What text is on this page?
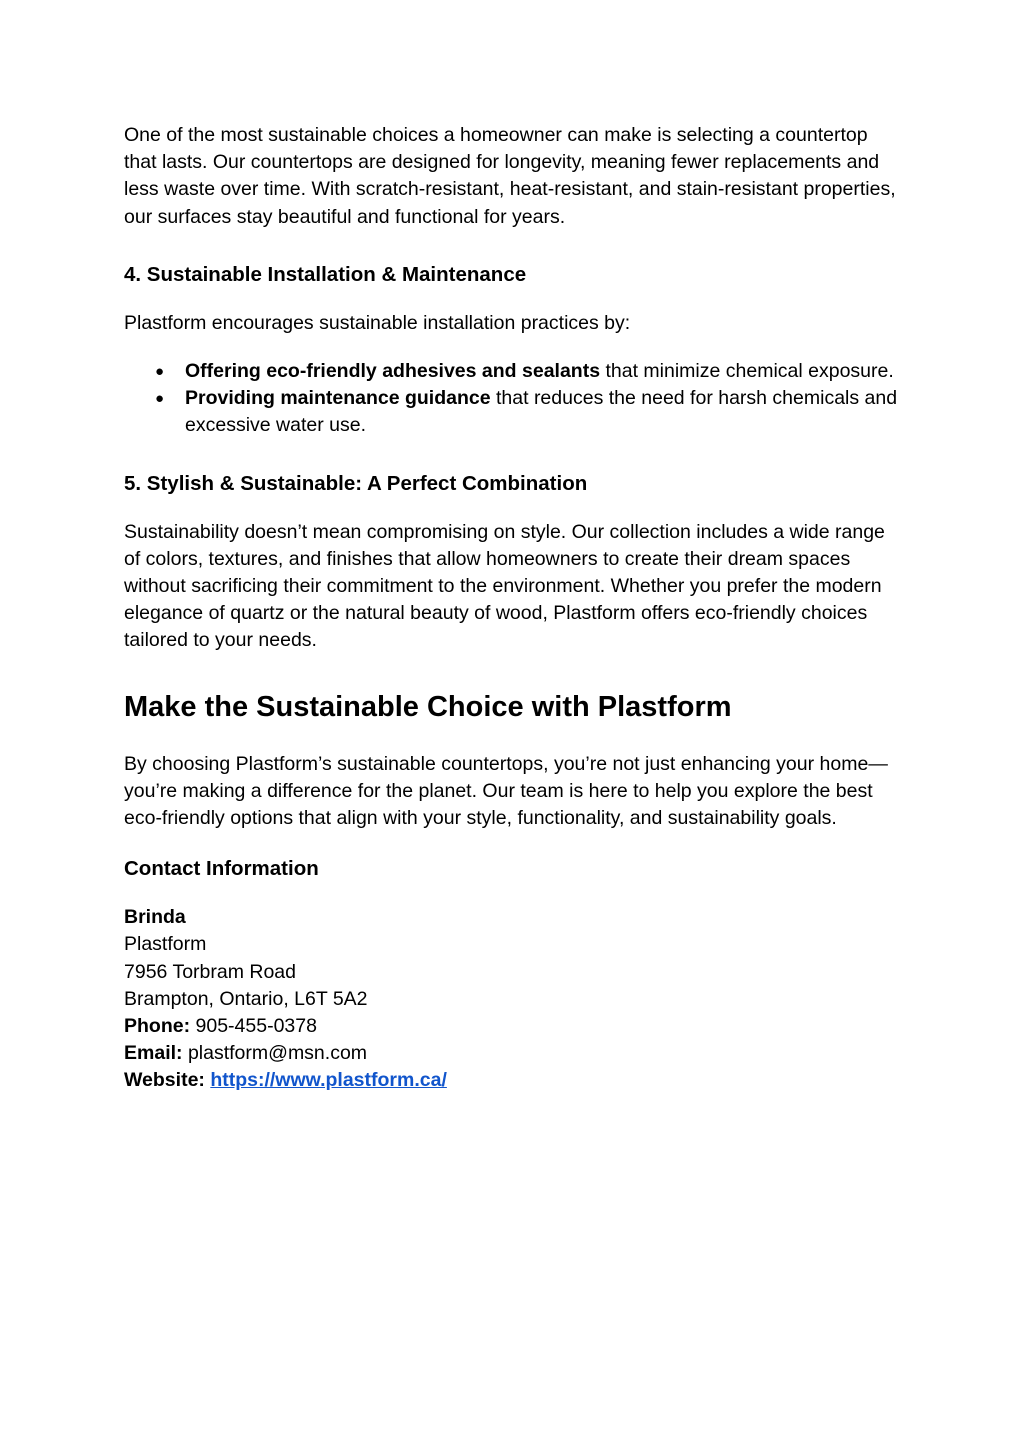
One of the most sustainable choices a homeowner can make is selecting a countertop that lasts. Our countertops are designed for longevity, meaning fewer replacements and less waste over time. With scratch-resistant, heat-resistant, and stain-resistant properties, our surfaces stay beautiful and functional for years.

4. Sustainable Installation & Maintenance

Plastform encourages sustainable installation practices by:

● Offering eco-friendly adhesives and sealants that minimize chemical exposure.
● Providing maintenance guidance that reduces the need for harsh chemicals and excessive water use.
5. Stylish & Sustainable: A Perfect Combination

Sustainability doesn’t mean compromising on style. Our collection includes a wide range of colors, textures, and finishes that allow homeowners to create their dream spaces without sacrificing their commitment to the environment. Whether you prefer the modern elegance of quartz or the natural beauty of wood, Plastform offers eco-friendly choices tailored to your needs.

Make the Sustainable Choice with Plastform

By choosing Plastform’s sustainable countertops, you’re not just enhancing your home—you’re making a difference for the planet. Our team is here to help you explore the best eco-friendly options that align with your style, functionality, and sustainability goals.

Contact Information
Brinda
Plastform
7956 Torbram Road
Brampton, Ontario, L6T 5A2
Phone: 905-455-0378
Email: plastform@msn.com
Website: https://www.plastform.ca/
